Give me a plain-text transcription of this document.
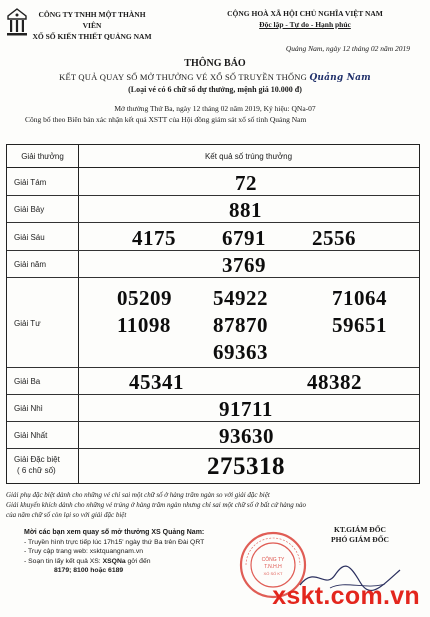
CÔNG TY TNHH MỘT THÀNH VIÊN
XỔ SỐ KIẾN THIẾT QUẢNG NAM
CỘNG HOÀ XÃ HỘI CHỦ NGHĨA VIỆT NAM
Độc lập - Tự do - Hạnh phúc
Quảng Nam, ngày 12 tháng 02 năm 2019
THÔNG BÁO
KẾT QUẢ QUAY SỐ MỞ THƯỞNG VÉ XỔ SỐ TRUYỀN THỐNG Quảng Nam
(Loại vé có 6 chữ số dự thưởng, mệnh giá 10.000 đ)
Mở thưởng Thứ Ba, ngày 12 tháng 02 năm 2019, Ký hiệu: QNa-07
Công bố theo Biên bản xác nhận kết quả XSTT của Hội đồng giám sát xổ số tỉnh Quảng Nam
Giải thưởng	Kết quả số trúng thưởng
Giải Tám	72
Giải Bảy	881
Giải Sáu	4175 6791 2556
Giải năm	3769
Giải Tư
05209 54922	71064
11098 87870	59651
69363
Giải Ba	45341	48382
Giải Nhì	91711
Giải Nhất	93630
Giải Đặc biệt
( 6 chữ số)	275318
Giải phụ đặc biệt dành cho những vé chỉ sai một chữ số ở hàng trăm ngàn so với giải đặc biệt
Giải khuyến khích dành cho những vé trúng ở hàng trăm ngàn nhưng chỉ sai một chữ số ở bất cứ hàng nào
của năm chữ số còn lại so với giải đặc biệt
Mời các bạn xem quay số mở thưởng XS Quảng Nam:
- Truyền hình trực tiếp lúc 17h15' ngày thứ Ba trên Đài QRT
- Truy cập trang web: xsktquangnam.vn
- Soạn tin lấy kết quả XS: XSQNa gởi đến
8179; 8100 hoặc 6189
CÔNG TY
T.N.H.H
XỔ SỐ KT
KT.GIÁM ĐỐC
PHÓ GIÁM ĐỐC
xskt.com.vn
